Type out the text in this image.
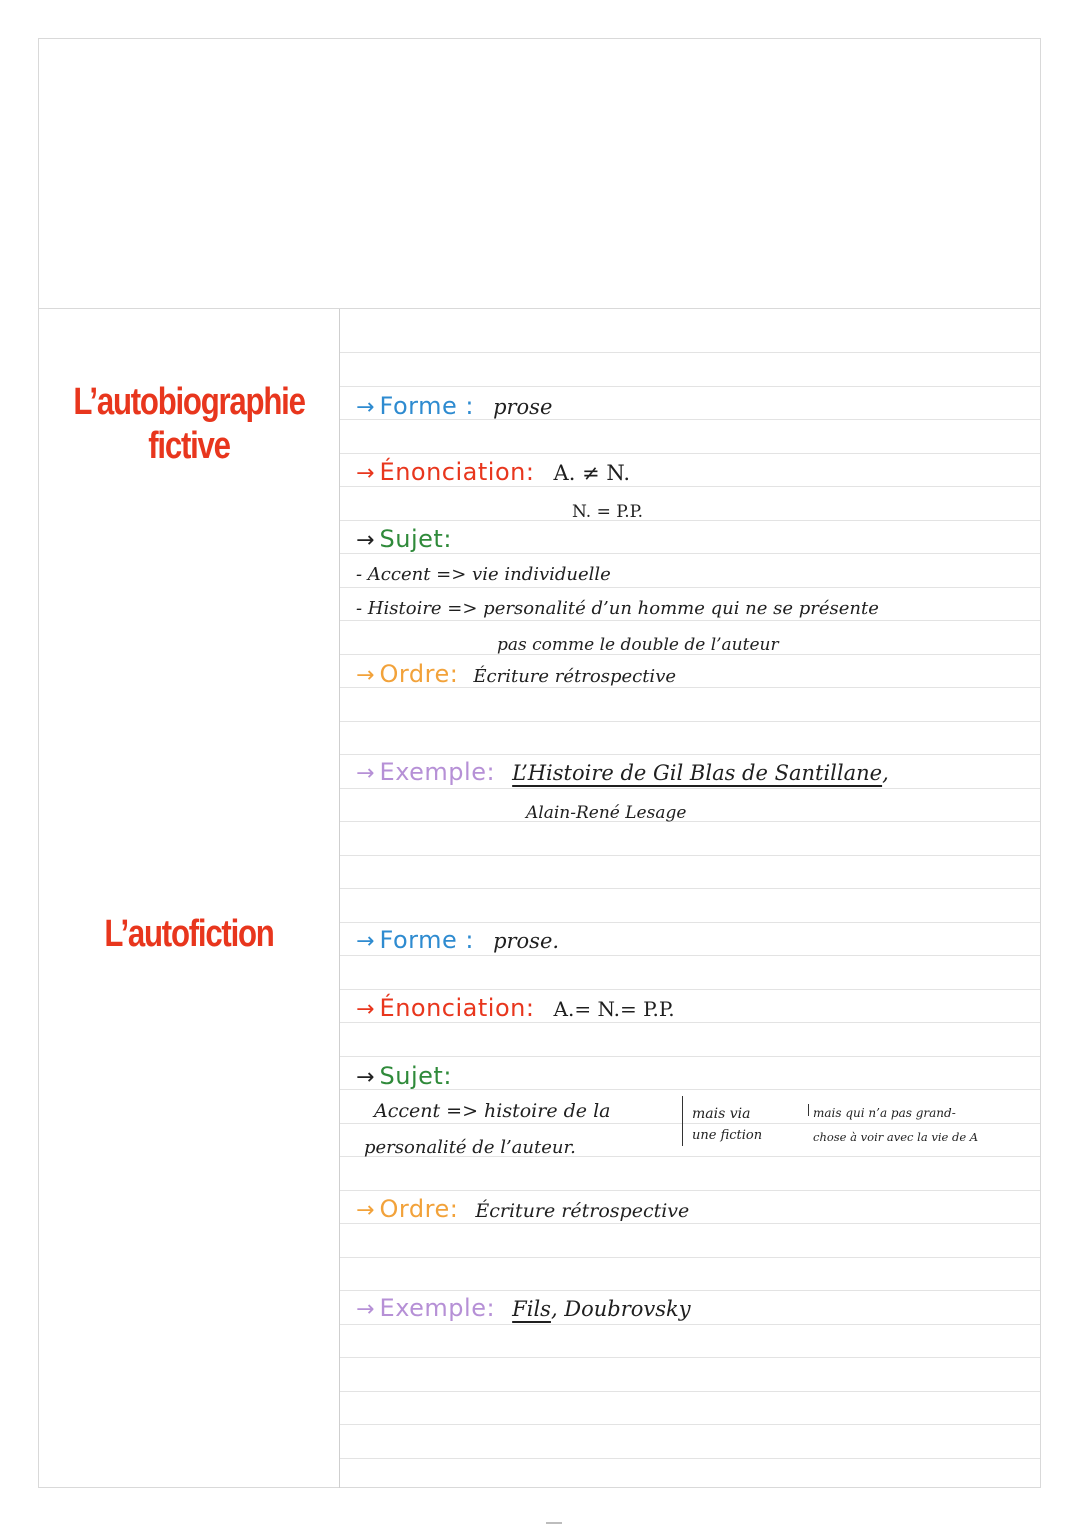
L’autobiographie
fictive
→ Forme : prose
→ Énonciation: A. ≠ N.
N. = P.P.
→ Sujet:
- Accent => vie individuelle
- Histoire => personalité d’un homme qui ne se présente
pas comme le double de l’auteur
→ Ordre: Écriture rétrospective
→ Exemple: L’Histoire de Gil Blas de Santillane,
Alain-René Lesage
L’autofiction	→ Forme : prose.
→ Énonciation: A.= N.= P.P.
→ Sujet:
Accent => histoire de la
personalité de l’auteur.
mais via
une fiction
mais qui n’a pas grand-
chose à voir avec la vie de A
→ Ordre: Écriture rétrospective
→ Exemple: Fils, Doubrovsky
